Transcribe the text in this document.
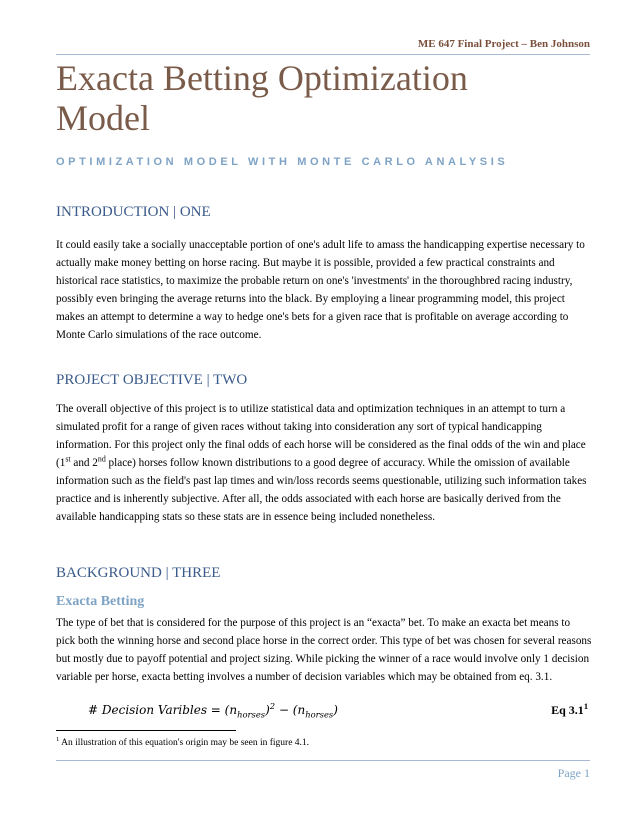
ME 647 Final Project – Ben Johnson
Exacta Betting Optimization Model
OPTIMIZATION MODEL WITH MONTE CARLO ANALYSIS
INTRODUCTION | ONE

It could easily take a socially unacceptable portion of one's adult life to amass the handicapping expertise necessary to actually make money betting on horse racing. But maybe it is possible, provided a few practical constraints and historical race statistics, to maximize the probable return on one's 'investments' in the thoroughbred racing industry, possibly even bringing the average returns into the black. By employing a linear programming model, this project makes an attempt to determine a way to hedge one's bets for a given race that is profitable on average according to Monte Carlo simulations of the race outcome.

PROJECT OBJECTIVE | TWO

The overall objective of this project is to utilize statistical data and optimization techniques in an attempt to turn a simulated profit for a range of given races without taking into consideration any sort of typical handicapping information. For this project only the final odds of each horse will be considered as the final odds of the win and place (1st and 2nd place) horses follow known distributions to a good degree of accuracy. While the omission of available information such as the field's past lap times and win/loss records seems questionable, utilizing such information takes practice and is inherently subjective. After all, the odds associated with each horse are basically derived from the available handicapping stats so these stats are in essence being included nonetheless.

BACKGROUND | THREE
Exacta Betting

The type of bet that is considered for the purpose of this project is an “exacta” bet. To make an exacta bet means to pick both the winning horse and second place horse in the correct order. This type of bet was chosen for several reasons but mostly due to payoff potential and project sizing. While picking the winner of a race would involve only 1 decision variable per horse, exacta betting involves a number of decision variables which may be obtained from eq. 3.1.

# Decision Varibles = $(n_{horses})^2 - (n_{horses})$	Eq $3.1^1$
$^1$ An illustration of this equation's origin may be seen in figure 4.1.
Page 1
